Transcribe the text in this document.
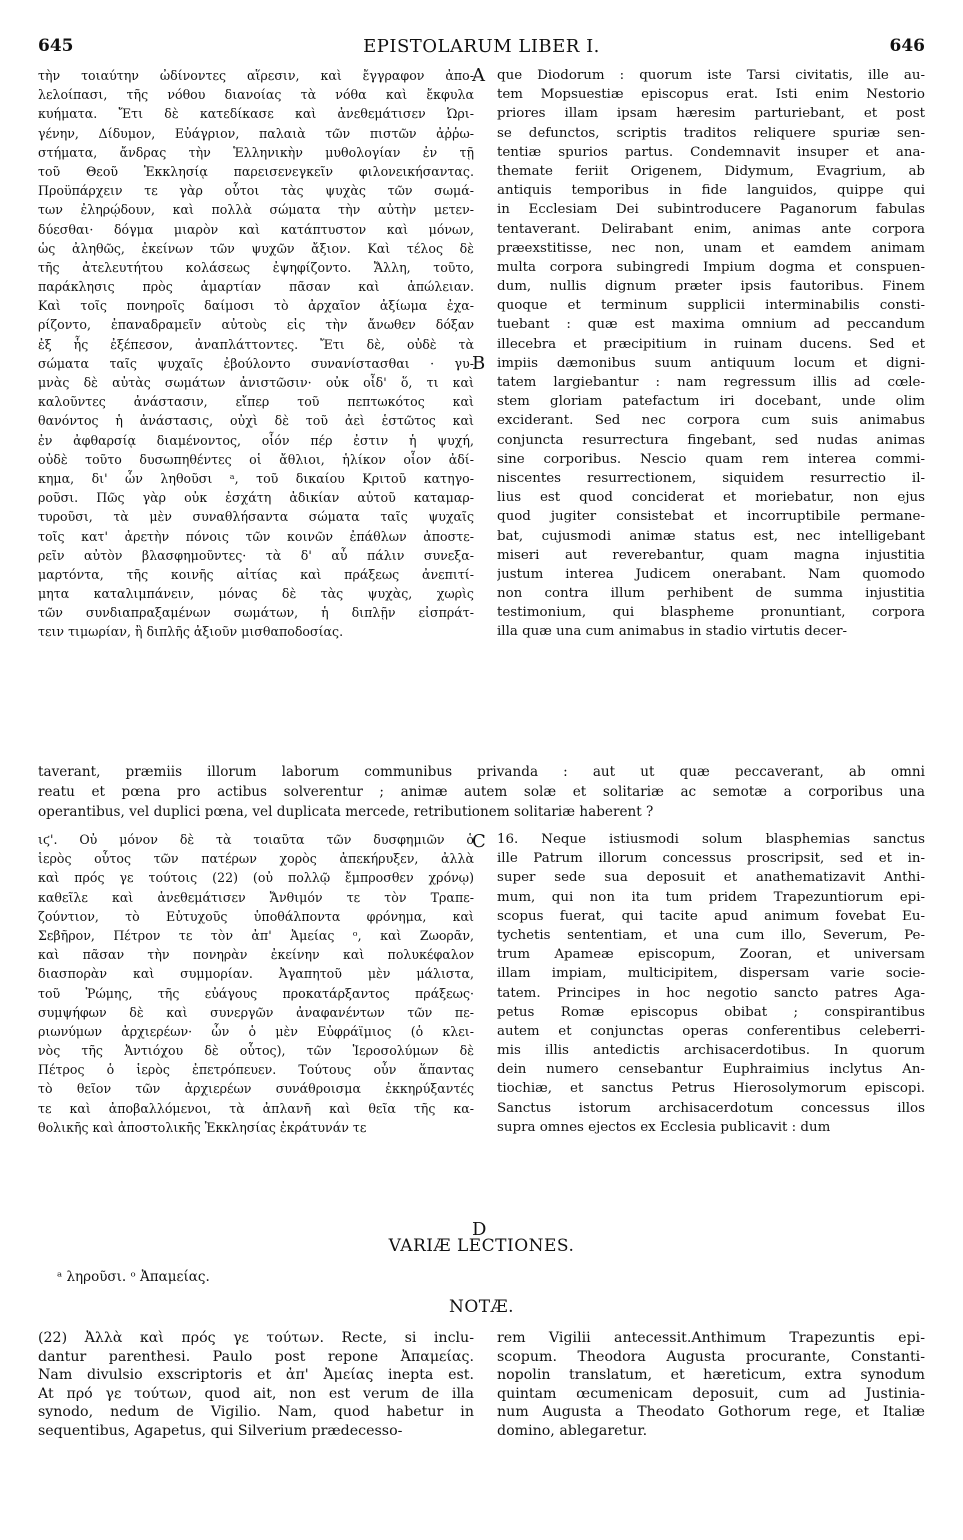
645	EPISTOLARUM LIBER I.	646
τὴν τοιαύτην ὠδίνοντες αἵρεσιν, καὶ ἔγγραφον ἀπο-
λελοίπασι, τῆς νόθου διανοίας τὰ νόθα καὶ ἔκφυλα
κυήματα. Ἔτι δὲ κατεδίκασε καὶ ἀνεθεμάτισεν Ὠρι-
γένην, Δίδυμον, Εὐάγριον, παλαιὰ τῶν πιστῶν ἀῤῥω-
στήματα, ἄνδρας τὴν Ἑλληνικὴν μυθολογίαν ἐν τῇ
τοῦ Θεοῦ Ἐκκλησίᾳ παρεισενεγκεῖν φιλονεικήσαντας.
Προϋπάρχειν τε γὰρ οὗτοι τὰς ψυχὰς τῶν σωμά-
των ἐληρῴδουν, καὶ πολλὰ σώματα τὴν αὐτὴν μετεν-
δύεσθαι· δόγμα μιαρὸν καὶ κατάπτυστον καὶ μόνων,
ὡς ἀληθῶς, ἐκείνων τῶν ψυχῶν ἄξιον. Καὶ τέλος δὲ
τῆς ἀτελευτήτου κολάσεως ἐψηφίζοντο. Ἄλλη, τοῦτο,
παράκλησις πρὸς ἁμαρτίαν πᾶσαν καὶ ἀπώλειαν.
Καὶ τοῖς πονηροῖς δαίμοσι τὸ ἀρχαῖον ἀξίωμα ἐχα-
ρίζοντο, ἐπαναδραμεῖν αὐτοὺς εἰς τὴν ἄνωθεν δόξαν
ἐξ ἧς ἐξέπεσον, ἀναπλάττοντες. Ἔτι δὲ, οὐδὲ τὰ
σώματα ταῖς ψυχαῖς ἐβούλοντο συνανίστασθαι · γυ-
μνὰς δὲ αὐτὰς σωμάτων ἀνιστῶσιν· οὐκ οἶδ' ὅ, τι καὶ
καλοῦντες ἀνάστασιν, εἴπερ τοῦ πεπτωκότος καὶ
θανόντος ἡ ἀνάστασις, οὐχὶ δὲ τοῦ ἀεὶ ἑστῶτος καὶ
ἐν ἀφθαρσίᾳ διαμένοντος, οἷόν πέρ ἐστιν ἡ ψυχή,
οὐδὲ τοῦτο δυσωπηθέντες οἱ ἄθλιοι, ἡλίκον οἷον ἀδί-
κημα, δι' ὧν ληθοῦσι ᵃ, τοῦ δικαίου Κριτοῦ κατηγο-
ροῦσι. Πῶς γὰρ οὐκ ἐσχάτη ἀδικίαν αὐτοῦ καταμαρ-
τυροῦσι, τὰ μὲν συναθλήσαντα σώματα ταῖς ψυχαῖς
τοῖς κατ' ἀρετὴν πόνοις τῶν κοινῶν ἐπάθλων ἀποστε-
ρεῖν αὐτὸν βλασφημοῦντες· τὰ δ' αὖ πάλιν συνεξα-
μαρτόντα, τῆς κοινῆς αἰτίας καὶ πράξεως ἀνεπιτί-
μητα καταλιμπάνειν, μόνας δὲ τὰς ψυχὰς, χωρὶς
τῶν συνδιαπραξαμένων σωμάτων, ἡ διπλῇν εἰσπράτ-
τειν τιμωρίαν, ἢ διπλῆς ἀξιοῦν μισθαποδοσίας.
que Diodorum : quorum iste Tarsi civitatis, ille au-
tem Mopsuestiæ episcopus erat. Isti enim Nestorio
priores illam ipsam hæresim parturiebant, et post
se defunctos, scriptis traditos reliquere spuriæ sen-
tentiæ spurios partus. Condemnavit insuper et ana-
themate feriit Origenem, Didymum, Evagrium, ab
antiquis temporibus in fide languidos, quippe qui
in Ecclesiam Dei subintroducere Paganorum fabulas
tentaverant. Delirabant enim, animas ante corpora
præexstitisse, nec non, unam et eamdem animam
multa corpora subingredi Impium dogma et conspuen-
dum, nullis dignum præter ipsis fautoribus. Finem
quoque et terminum supplicii interminabilis consti-
tuebant : quæ est maxima omnium ad peccandum
illecebra et præcipitium in ruinam ducens. Sed et
impiis dæmonibus suum antiquum locum et digni-
tatem largiebantur : nam regressum illis ad cœle-
stem gloriam patefactum iri docebant, unde olim
exciderant. Sed nec corpora cum suis animabus
conjuncta resurrectura fingebant, sed nudas animas
sine corporibus. Nescio quam rem interea commi-
niscentes resurrectionem, siquidem resurrectio il-
lius est quod conciderat et moriebatur, non ejus
quod jugiter consistebat et incorruptibile permane-
bat, cujusmodi animæ status est, nec intelligebant
miseri aut reverebantur, quam magna injustitia
justum interea Judicem onerabant. Nam quomodo
non contra illum perhibent de summa injustitia
testimonium, qui blaspheme pronuntiant, corpora
illa quæ una cum animabus in stadio virtutis decer-
A
B
C
D
taverant, præmiis illorum laborum communibus privanda : aut ut quæ peccaverant, ab omni
reatu et pœna pro actibus solverentur ; animæ autem solæ et solitariæ ac semotæ a corporibus una
operantibus, vel duplici pœna, vel duplicata mercede, retributionem solitariæ haberent ?
ιϛ'. Οὐ μόνον δὲ τὰ τοιαῦτα τῶν δυσφημιῶν ὁ
ἱερὸς οὗτος τῶν πατέρων χορὸς ἀπεκήρυξεν, ἀλλὰ
καὶ πρός γε τούτοις (22) (οὐ πολλῷ ἔμπροσθεν χρόνῳ)
καθεῖλε καὶ ἀνεθεμάτισεν Ἄνθιμόν τε τὸν Τραπε-
ζούντιον, τὸ Εὐτυχοῦς ὑποθάλποντα φρόνημα, καὶ
Σεβῆρον, Πέτρον τε τὸν ἀπ' Ἀμείας ᵒ, καὶ Ζωορᾶν,
καὶ πᾶσαν τὴν πονηρὰν ἐκείνην καὶ πολυκέφαλον
διασπορὰν καὶ συμμορίαν. Ἀγαπητοῦ μὲν μάλιστα,
τοῦ Ῥώμης, τῆς εὐάγους προκατάρξαντος πράξεως·
συμψήφων δὲ καὶ συνεργῶν ἀναφανέντων τῶν πε-
ριωνύμων ἀρχιερέων· ὧν ὁ μὲν Εὐφράϊμιος (ὁ κλει-
νὸς τῆς Ἀντιόχου δὲ οὗτος), τῶν Ἱεροσολύμων δὲ
Πέτρος ὁ ἱερὸς ἐπετρόπευεν. Τούτους οὖν ἅπαντας
τὸ θεῖον τῶν ἀρχιερέων συνάθροισμα ἐκκηρύξαντές
τε καὶ ἀποβαλλόμενοι, τὰ ἀπλανῆ καὶ θεῖα τῆς κα-
θολικῆς καὶ ἀποστολικῆς Ἐκκλησίας ἐκράτυνάν τε
16. Neque istiusmodi solum blasphemias sanctus
ille Patrum illorum concessus proscripsit, sed et in-
super sede sua deposuit et anathematizavit Anthi-
mum, qui non ita tum pridem Trapezuntiorum epi-
scopus fuerat, qui tacite apud animum fovebat Eu-
tychetis sententiam, et una cum illo, Severum, Pe-
trum Apameæ episcopum, Zooran, et universam
illam impiam, multicipitem, dispersam varie socie-
tatem. Principes in hoc negotio sancto patres Aga-
petus Romæ episcopus obibat ; conspirantibus
autem et conjunctas operas conferentibus celeberri-
mis illis antedictis archisacerdotibus. In quorum
dein numero censebantur Euphraimius inclytus An-
tiochiæ, et sanctus Petrus Hierosolymorum episcopi.
Sanctus istorum archisacerdotum concessus illos
supra omnes ejectos ex Ecclesia publicavit : dum
VARIÆ LECTIONES.
ᵃ ληροῦσι. ᵒ Ἀπαμείας.
NOTÆ.
(22) Ἀλλὰ καὶ πρός γε τούτων. Recte, si inclu-
dantur parenthesi. Paulo post repone Ἀπαμείας.
Nam divulsio exscriptoris et ἀπ' Ἀμείας inepta est.
At πρό γε τούτων, quod ait, non est verum de illa
synodo, nedum de Vigilio. Nam, quod habetur in
sequentibus, Agapetus, qui Silverium prædecesso-
rem Vigilii antecessit.Anthimum Trapezuntis epi-
scopum. Theodora Augusta procurante, Constanti-
nopolin translatum, et hæreticum, extra synodum
quintam œcumenicam deposuit, cum ad Justinia-
num Augusta a Theodato Gothorum rege, et Italiæ
domino, ablegaretur.
